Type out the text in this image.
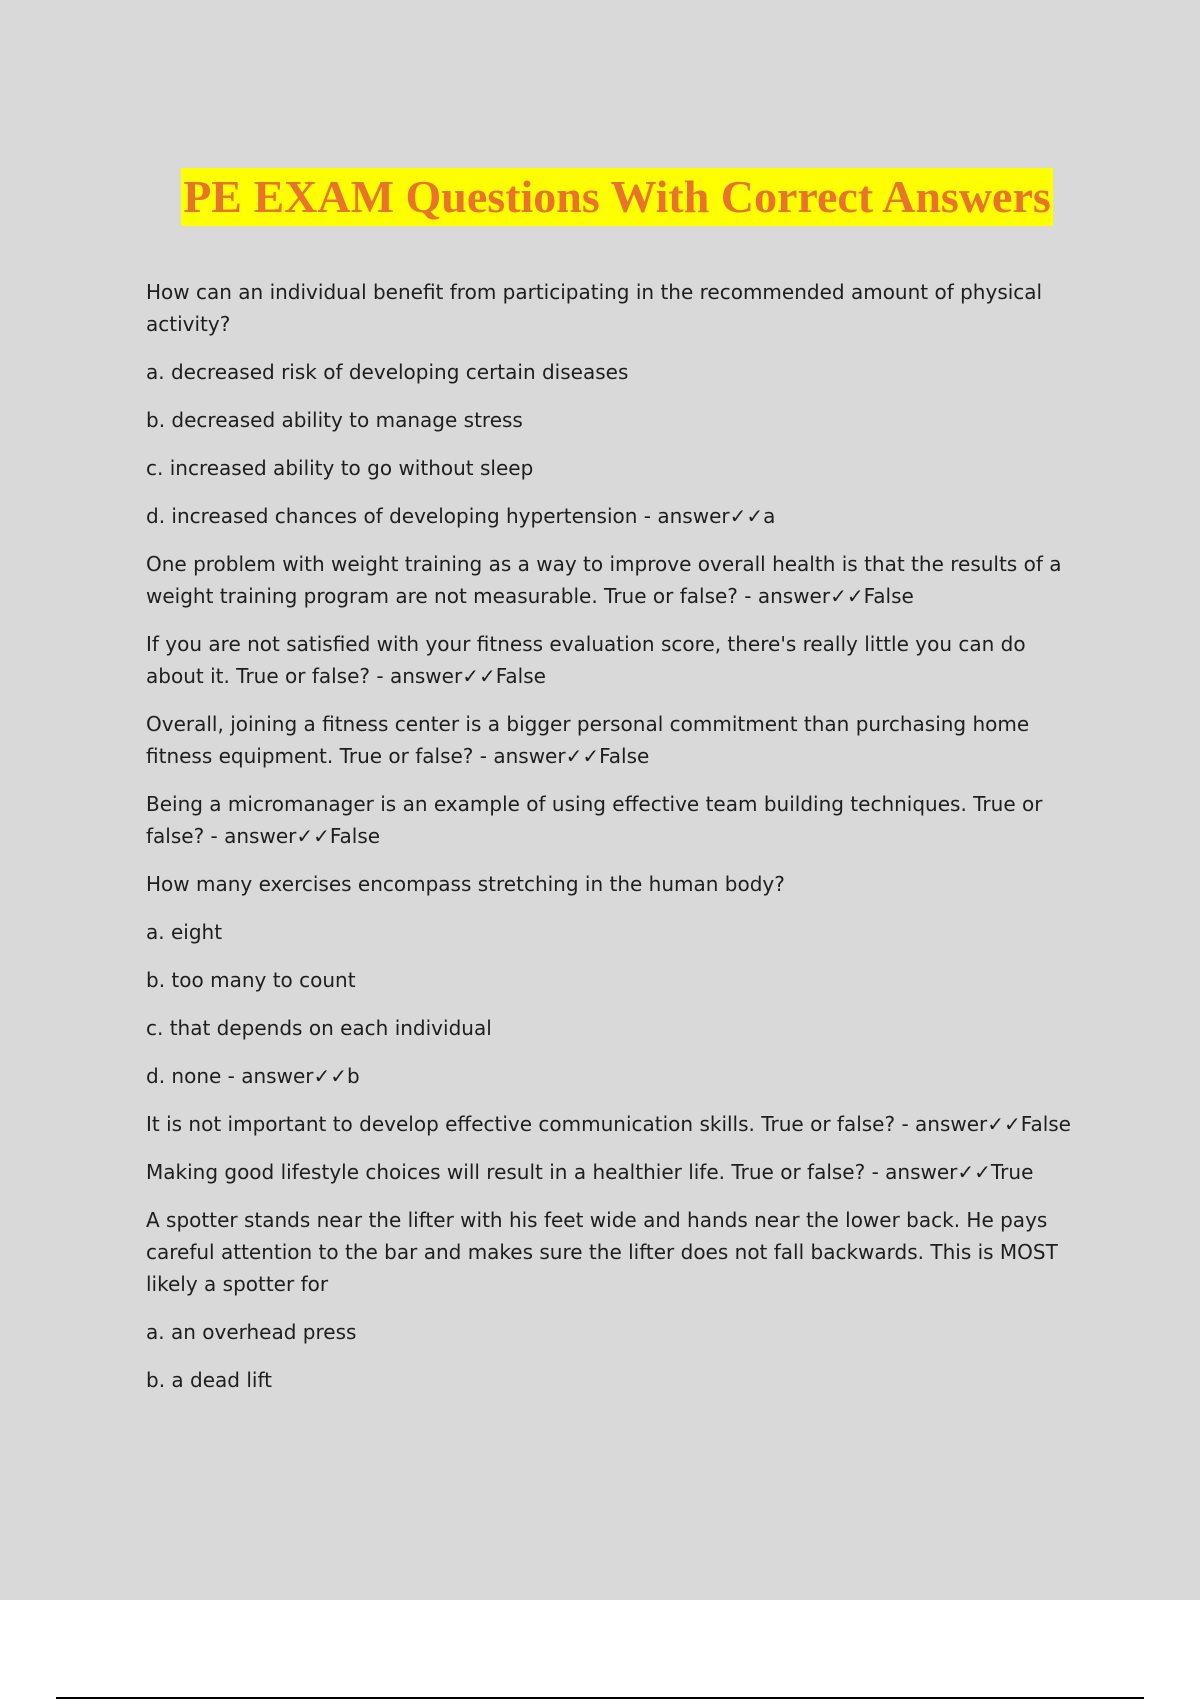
PE EXAM Questions With Correct Answers

How can an individual benefit from participating in the recommended amount of physical activity?

a. decreased risk of developing certain diseases

b. decreased ability to manage stress

c. increased ability to go without sleep

d. increased chances of developing hypertension - answer✓✓a

One problem with weight training as a way to improve overall health is that the results of a weight training program are not measurable. True or false? - answer✓✓False

If you are not satisfied with your fitness evaluation score, there's really little you can do about it. True or false? - answer✓✓False

Overall, joining a fitness center is a bigger personal commitment than purchasing home fitness equipment. True or false? - answer✓✓False

Being a micromanager is an example of using effective team building techniques. True or false? - answer✓✓False

How many exercises encompass stretching in the human body?

a. eight

b. too many to count

c. that depends on each individual

d. none - answer✓✓b

It is not important to develop effective communication skills. True or false? - answer✓✓False

Making good lifestyle choices will result in a healthier life. True or false? - answer✓✓True

A spotter stands near the lifter with his feet wide and hands near the lower back. He pays careful attention to the bar and makes sure the lifter does not fall backwards. This is MOST likely a spotter for

a. an overhead press

b. a dead lift
